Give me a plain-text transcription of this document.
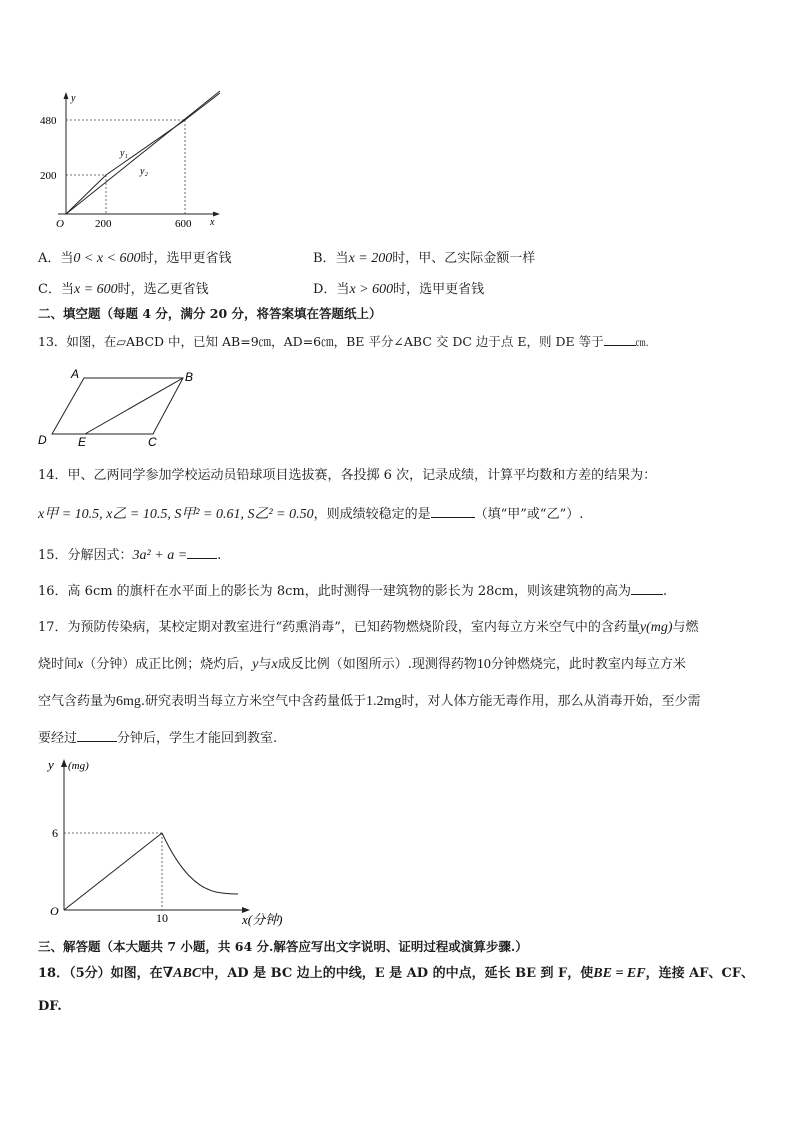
y
x
O
480
200
200	600
y₁
y₂
A．当0 < x < 600时，选甲更省钱	B．当x = 200时，甲、乙实际金额一样
C．当x = 600时，选乙更省钱	D．当x > 600时，选甲更省钱
二、填空题（每题 4 分，满分 20 分，将答案填在答题纸上）
13．如图，在▱ABCD 中，已知 AB=9㎝，AD=6㎝，BE 平分∠ABC 交 DC 边于点 E，则 DE 等于	㎝.
A	B
C
D	E
14．甲、乙两同学参加学校运动员铅球项目选拔赛，各投掷 6 次，记录成绩，计算平均数和方差的结果为：
x甲 = 10.5, x乙 = 10.5, S甲² = 0.61, S乙² = 0.50，则成绩较稳定的是	（填“甲”或“乙”）.
15．分解因式：3a² + a = .
16．高 6cm 的旗杆在水平面上的影长为 8cm，此时测得一建筑物的影长为 28cm，则该建筑物的高为 .
17．为预防传染病，某校定期对教室进行“药熏消毒”，已知药物燃烧阶段，室内每立方米空气中的含药量y(mg)与燃
烧时间x（分钟）成正比例；烧灼后，y与x成反比例（如图所示）.现测得药物10分钟燃烧完，此时教室内每立方米
空气含药量为6mg.研究表明当每立方米空气中含药量低于1.2mg时，对人体方能无毒作用，那么从消毒开始，至少需
要经过	分钟后，学生才能回到教室.
y (mg)
6
10
O
x(分钟)
三、解答题（本大题共 7 小题，共 64 分.解答应写出文字说明、证明过程或演算步骤.）
18．（5分）如图，在∇ABC中，AD 是 BC 边上的中线，E 是 AD 的中点，延长 BE 到 F，使BE = EF，连接 AF、CF、
DF.
